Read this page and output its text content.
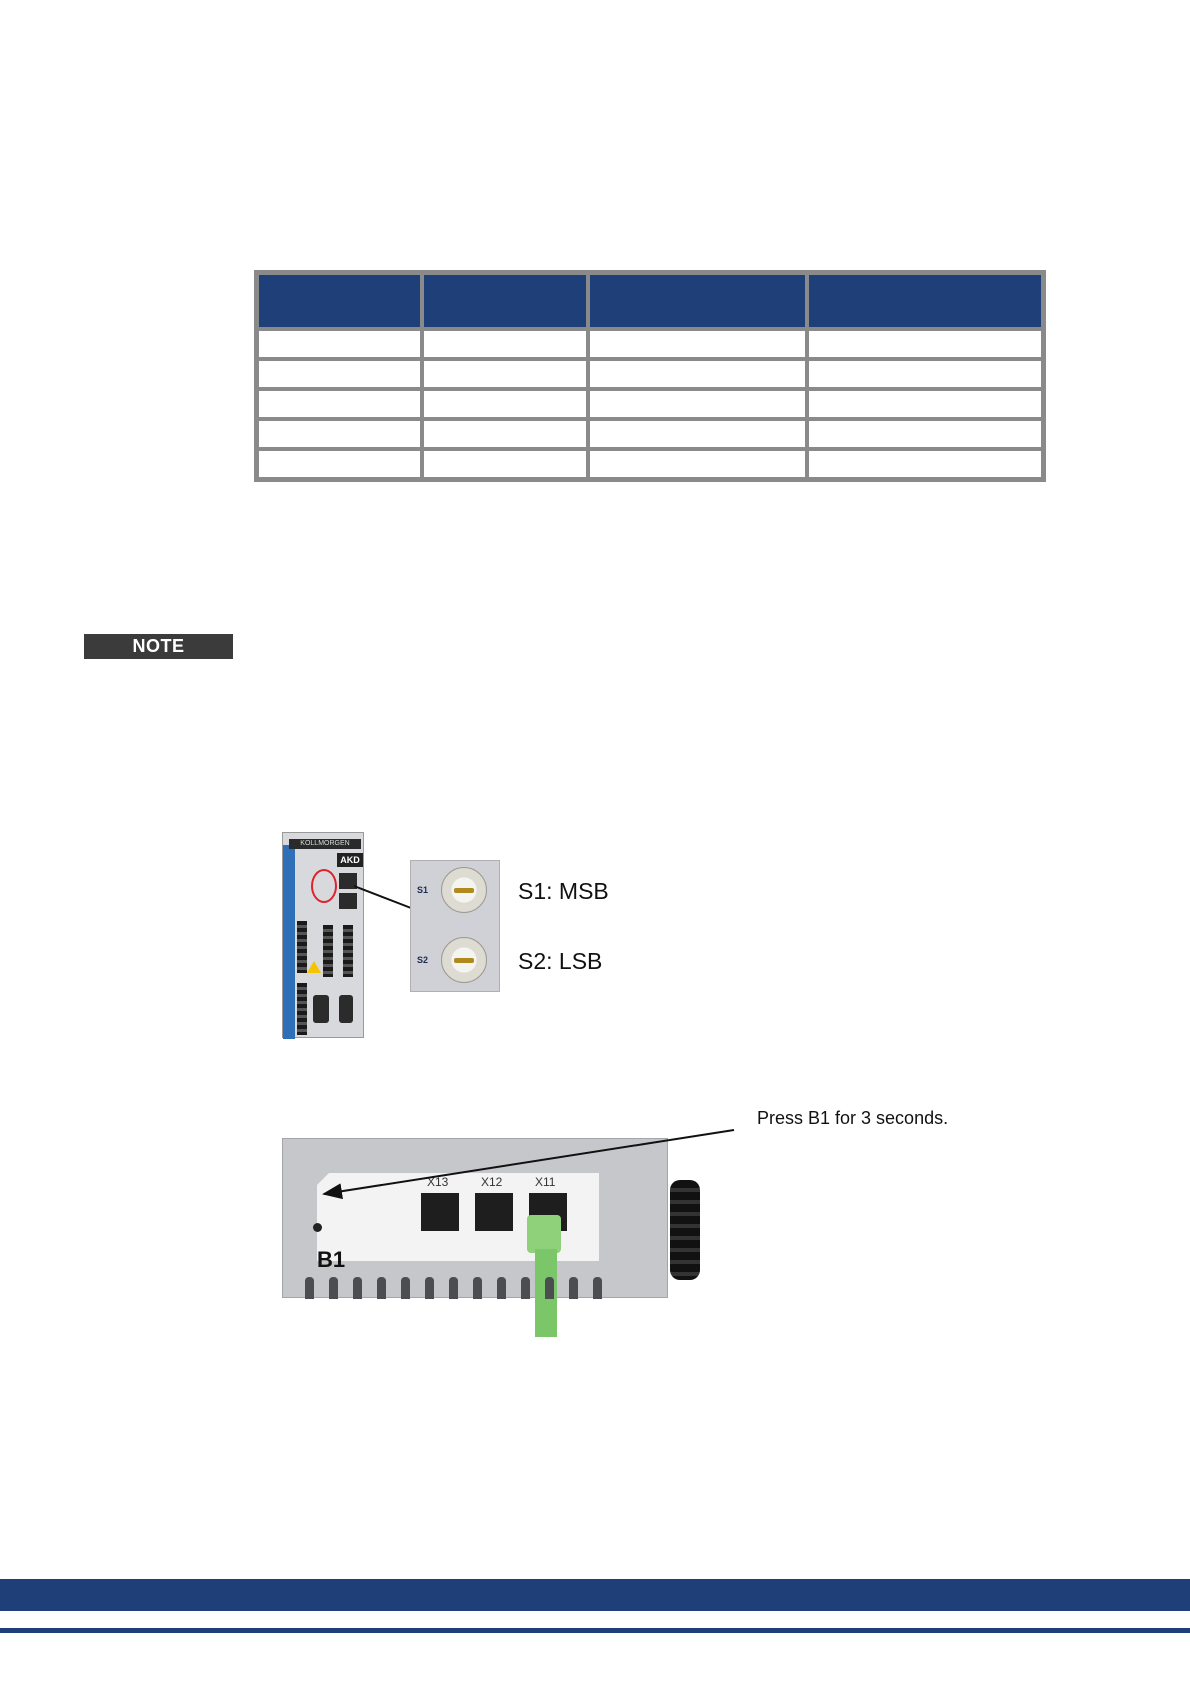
NOTE
KOLLMORGEN
AKD
S1
S2
S1: MSB
S2: LSB
Press B1 for 3 seconds.
B1
X13	X12	X11
